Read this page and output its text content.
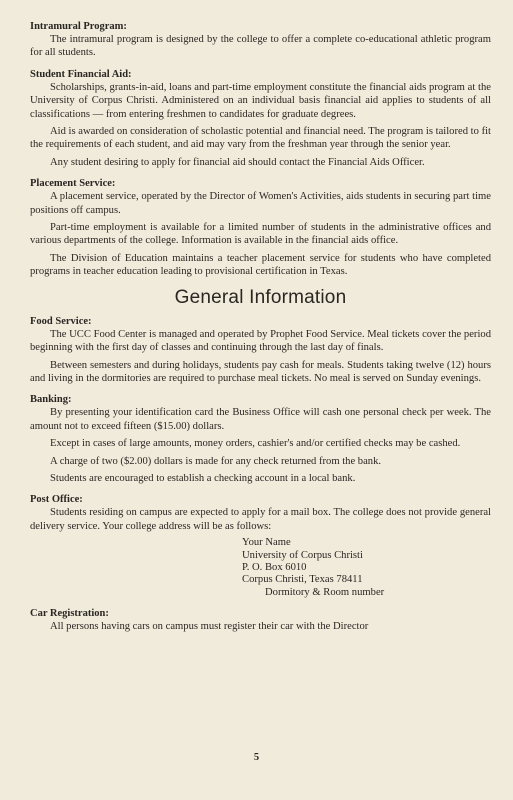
Intramural Program:

The intramural program is designed by the college to offer a complete co-educational athletic program for all students.

Student Financial Aid:

Scholarships, grants-in-aid, loans and part-time employment constitute the financial aids program at the University of Corpus Christi. Administered on an individual basis financial aid applies to students of all classifications — from entering freshmen to candidates for graduate degrees.

Aid is awarded on consideration of scholastic potential and financial need. The program is tailored to fit the requirements of each student, and aid may vary from the freshman year through the senior year.

Any student desiring to apply for financial aid should contact the Financial Aids Officer.

Placement Service:

A placement service, operated by the Director of Women's Activities, aids students in securing part time positions off campus.

Part-time employment is available for a limited number of students in the administrative offices and various departments of the college. Information is available in the financial aids office.

The Division of Education maintains a teacher placement service for students who have completed programs in teacher education leading to provisional certification in Texas.

General Information

Food Service:

The UCC Food Center is managed and operated by Prophet Food Service. Meal tickets cover the period beginning with the first day of classes and continuing through the last day of finals.

Between semesters and during holidays, students pay cash for meals. Students taking twelve (12) hours and living in the dormitories are required to purchase meal tickets. No meal is served on Sunday evenings.

Banking:

By presenting your identification card the Business Office will cash one personal check per week. The amount not to exceed fifteen ($15.00) dollars.

Except in cases of large amounts, money orders, cashier's and/or certified checks may be cashed.

A charge of two ($2.00) dollars is made for any check returned from the bank.

Students are encouraged to establish a checking account in a local bank.

Post Office:

Students residing on campus are expected to apply for a mail box. The college does not provide general delivery service. Your college address will be as follows:

Your Name
University of Corpus Christi
P. O. Box 6010
Corpus Christi, Texas 78411
Dormitory & Room number

Car Registration:

All persons having cars on campus must register their car with the Director

5
